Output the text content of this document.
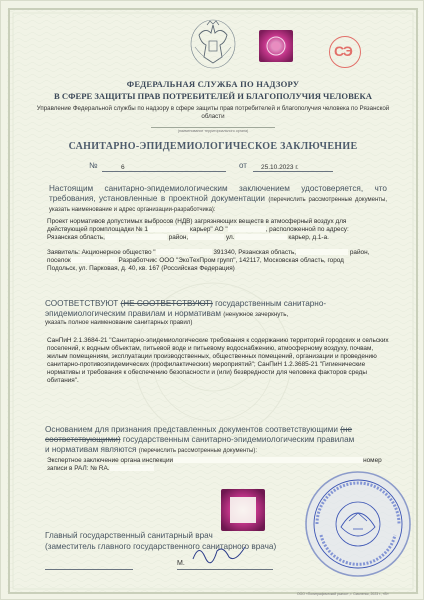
СЭ

ФЕДЕРАЛЬНАЯ СЛУЖБА ПО НАДЗОРУ

В СФЕРЕ ЗАЩИТЫ ПРАВ ПОТРЕБИТЕЛЕЙ И БЛАГОПОЛУЧИЯ ЧЕЛОВЕКА

Управление Федеральной службы по надзору в сфере защиты прав потребителей и благополучия человека по Рязанской области

(наименование территориального органа)

САНИТАРНО-ЭПИДЕМИОЛОГИЧЕСКОЕ ЗАКЛЮЧЕНИЕ

№	6	от 25.10.2023 г.

Настоящим санитарно-эпидемиологическим заключением удостоверяется, что требования, установленные в проектной документации (перечислить рассмотренные документы, указать наименование и адрес организации-разработчика):

Проект нормативов допустимых выбросов (НДВ) загрязняющих веществ в атмосферный воздух для
действующей промплощадки № 1	карьер" АО "	, расположенной по адресу:
Рязанская область,	район,	ул.	карьер, д.1-а.
Заявитель: Акционерное общество "	391340, Рязанская область,	район,
поселок	Разработчик: ООО "ЭкоТехПром групп", 142117, Московская область, город
Подольск, ул. Парковая, д. 40, кв. 167 (Российская Федерация)
СООТВЕТСТВУЮТ (НЕ СООТВЕТСТВУЮТ) государственным санитарно-
эпидемиологическим правилам и нормативам (ненужное зачеркнуть,
указать полное наименование санитарных правил)

СанПиН 2.1.3684-21 "Санитарно-эпидемиологические требования к содержанию территорий городских и сельских поселений, к водным объектам, питьевой воде и питьевому водоснабжению, атмосферному воздуху, почвам, жилым помещениям, эксплуатации производственных, общественных помещений, организации и проведению санитарно-противоэпидемических (профилактических) мероприятий"; СанПиН 1.2.3685-21 "Гигиенические нормативы и требования к обеспечению безопасности и (или) безвредности для человека факторов среды обитания".

Основанием для признания представленных документов соответствующими (не
соответствующими) государственным санитарно-эпидемиологическим правилам
и нормативам являются (перечислить рассмотренные документы):
Экспертное заключение органа инспекции	номер
записи в РАЛ: № RA.

Главный государственный санитарный врач

(заместитель главного государственного санитарного врача)

М.

ООО «Полиграфический рынок», г. Смоленск, 2023 г., «В»
